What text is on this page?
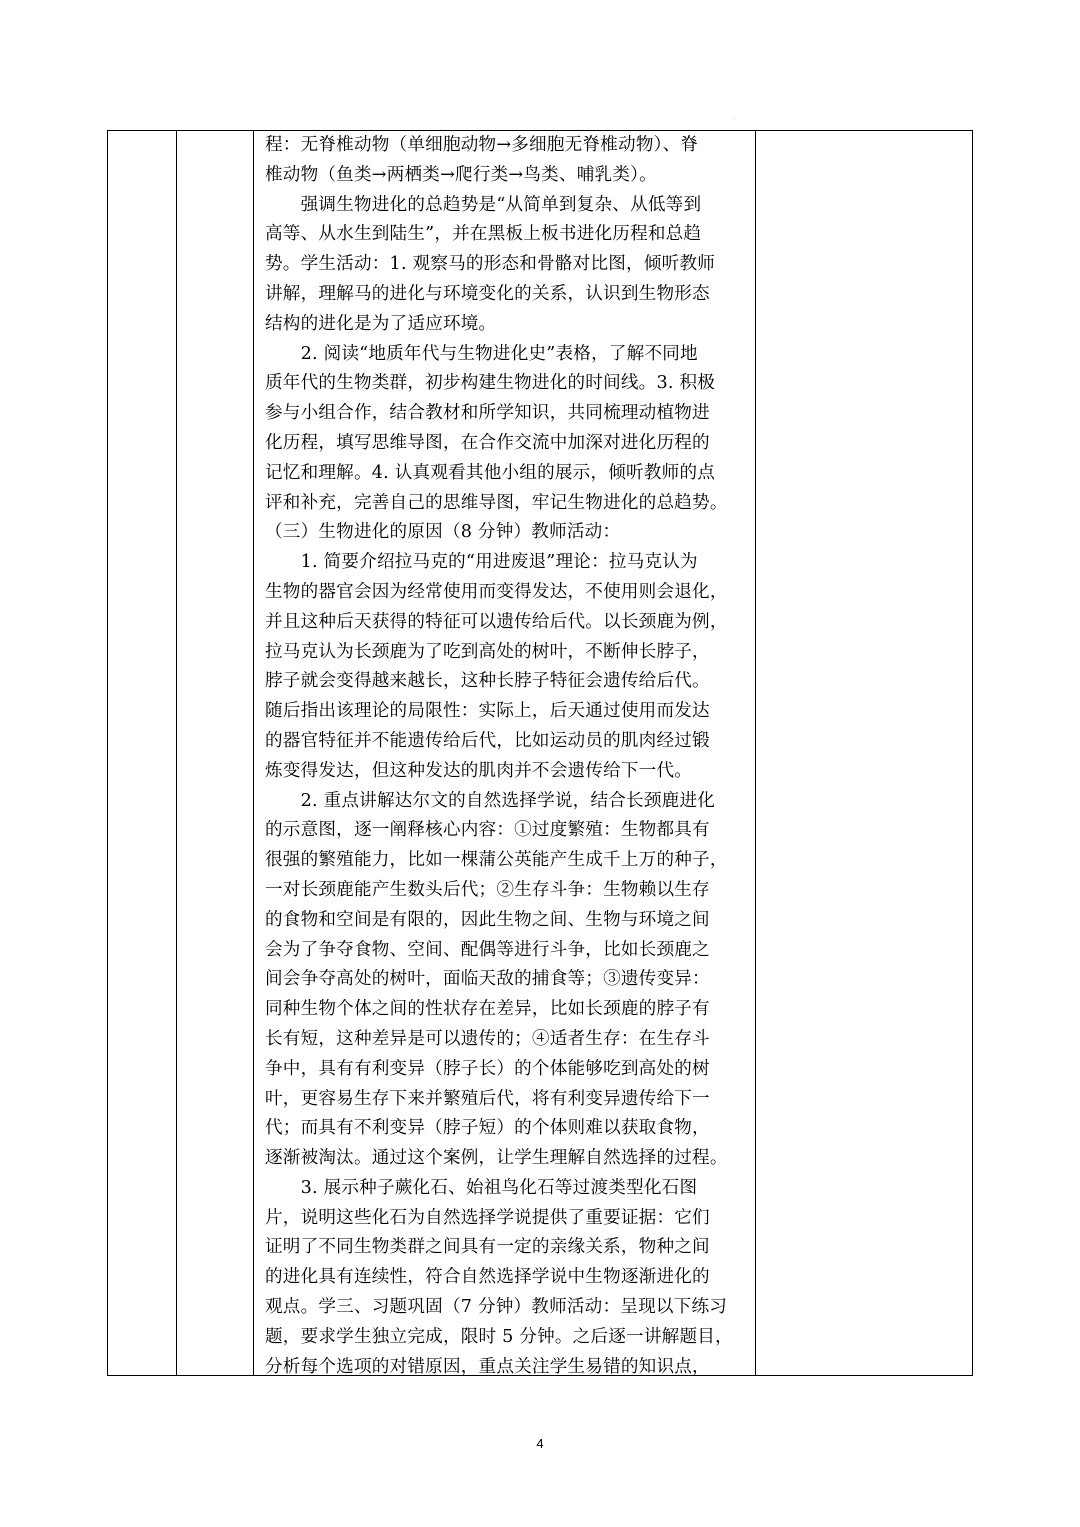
·

程：无脊椎动物（单细胞动物→多细胞无脊椎动物）、脊

椎动物（鱼类→两栖类→爬行类→鸟类、哺乳类）。

　　强调生物进化的总趋势是“从简单到复杂、从低等到

高等、从水生到陆生”，并在黑板上板书进化历程和总趋

势。学生活动：1. 观察马的形态和骨骼对比图，倾听教师

讲解，理解马的进化与环境变化的关系，认识到生物形态

结构的进化是为了适应环境。

　　2. 阅读“地质年代与生物进化史”表格，了解不同地

质年代的生物类群，初步构建生物进化的时间线。3. 积极

参与小组合作，结合教材和所学知识，共同梳理动植物进

化历程，填写思维导图，在合作交流中加深对进化历程的

记忆和理解。4. 认真观看其他小组的展示，倾听教师的点

评和补充，完善自己的思维导图，牢记生物进化的总趋势。

（三）生物进化的原因（8 分钟）教师活动：

　　1. 简要介绍拉马克的“用进废退”理论：拉马克认为

生物的器官会因为经常使用而变得发达，不使用则会退化，

并且这种后天获得的特征可以遗传给后代。以长颈鹿为例，

拉马克认为长颈鹿为了吃到高处的树叶，不断伸长脖子，

脖子就会变得越来越长，这种长脖子特征会遗传给后代。

随后指出该理论的局限性：实际上，后天通过使用而发达

的器官特征并不能遗传给后代，比如运动员的肌肉经过锻

炼变得发达，但这种发达的肌肉并不会遗传给下一代。

　　2. 重点讲解达尔文的自然选择学说，结合长颈鹿进化

的示意图，逐一阐释核心内容：①过度繁殖：生物都具有

很强的繁殖能力，比如一棵蒲公英能产生成千上万的种子，

一对长颈鹿能产生数头后代；②生存斗争：生物赖以生存

的食物和空间是有限的，因此生物之间、生物与环境之间

会为了争夺食物、空间、配偶等进行斗争，比如长颈鹿之

间会争夺高处的树叶，面临天敌的捕食等；③遗传变异：

同种生物个体之间的性状存在差异，比如长颈鹿的脖子有

长有短，这种差异是可以遗传的；④适者生存：在生存斗

争中，具有有利变异（脖子长）的个体能够吃到高处的树

叶，更容易生存下来并繁殖后代，将有利变异遗传给下一

代；而具有不利变异（脖子短）的个体则难以获取食物，

逐渐被淘汰。通过这个案例，让学生理解自然选择的过程。

　　3. 展示种子蕨化石、始祖鸟化石等过渡类型化石图

片，说明这些化石为自然选择学说提供了重要证据：它们

证明了不同生物类群之间具有一定的亲缘关系，物种之间

的进化具有连续性，符合自然选择学说中生物逐渐进化的

观点。学三、习题巩固（7 分钟）教师活动：呈现以下练习

题，要求学生独立完成，限时 5 分钟。之后逐一讲解题目，

分析每个选项的对错原因，重点关注学生易错的知识点，

4
